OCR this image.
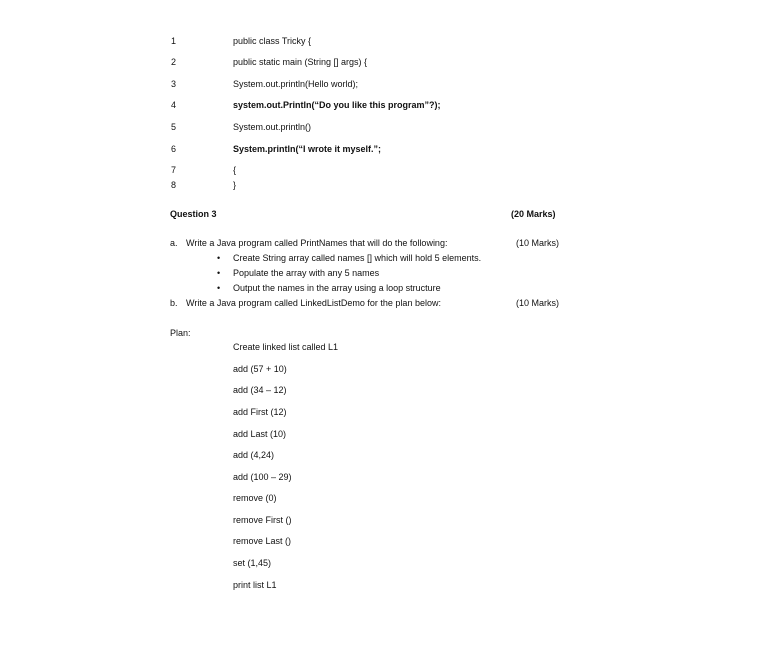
1	public class Tricky {
2	public static main (String [] args) {
3	System.out.println(Hello world);
4	system.out.Println(“Do you like this program”?);
5	System.out.println()
6	System.println(“I wrote it myself.”;
7	{
8	}
Question 3	(20 Marks)
a. Write a Java program called PrintNames that will do the following:	(10 Marks)
• Create String array called names [] which will hold 5 elements.
• Populate the array with any 5 names
• Output the names in the array using a loop structure
b. Write a Java program called LinkedListDemo for the plan below:	(10 Marks)
Plan:
Create linked list called L1
add (57 + 10)
add (34 – 12)
add First (12)
add Last (10)
add (4,24)
add (100 – 29)
remove (0)
remove First ()
remove Last ()
set (1,45)
print list L1
